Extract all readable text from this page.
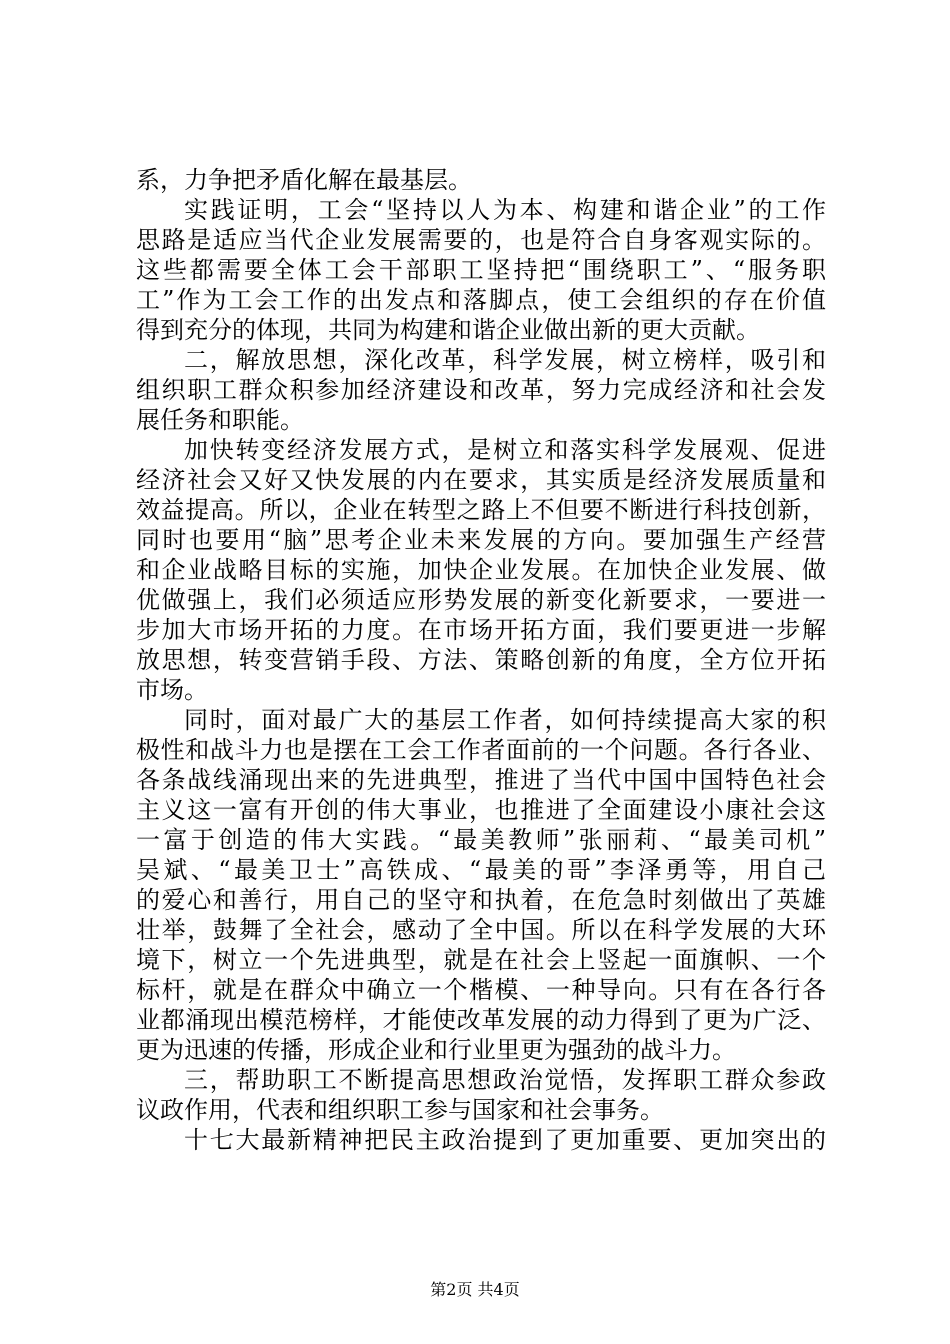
系，力争把矛盾化解在最基层。
实践证明，工会“坚持以人为本、构建和谐企业”的工作
思路是适应当代企业发展需要的，也是符合自身客观实际的。
这些都需要全体工会干部职工坚持把“围绕职工”、“服务职
工”作为工会工作的出发点和落脚点，使工会组织的存在价值
得到充分的体现，共同为构建和谐企业做出新的更大贡献。
二，解放思想，深化改革，科学发展，树立榜样，吸引和
组织职工群众积参加经济建设和改革，努力完成经济和社会发
展任务和职能。
加快转变经济发展方式，是树立和落实科学发展观、促进
经济社会又好又快发展的内在要求，其实质是经济发展质量和
效益提高。所以，企业在转型之路上不但要不断进行科技创新，
同时也要用“脑”思考企业未来发展的方向。要加强生产经营
和企业战略目标的实施，加快企业发展。在加快企业发展、做
优做强上，我们必须适应形势发展的新变化新要求，一要进一
步加大市场开拓的力度。在市场开拓方面，我们要更进一步解
放思想，转变营销手段、方法、策略创新的角度，全方位开拓
市场。
同时，面对最广大的基层工作者，如何持续提高大家的积
极性和战斗力也是摆在工会工作者面前的一个问题。各行各业、
各条战线涌现出来的先进典型，推进了当代中国中国特色社会
主义这一富有开创的伟大事业，也推进了全面建设小康社会这
一富于创造的伟大实践。“最美教师”张丽莉、“最美司机”
吴斌、“最美卫士”高铁成、“最美的哥”李泽勇等，用自己
的爱心和善行，用自己的坚守和执着，在危急时刻做出了英雄
壮举，鼓舞了全社会，感动了全中国。所以在科学发展的大环
境下，树立一个先进典型，就是在社会上竖起一面旗帜、一个
标杆，就是在群众中确立一个楷模、一种导向。只有在各行各
业都涌现出模范榜样，才能使改革发展的动力得到了更为广泛、
更为迅速的传播，形成企业和行业里更为强劲的战斗力。
三，帮助职工不断提高思想政治觉悟，发挥职工群众参政
议政作用，代表和组织职工参与国家和社会事务。
十七大最新精神把民主政治提到了更加重要、更加突出的
第2页 共4页
